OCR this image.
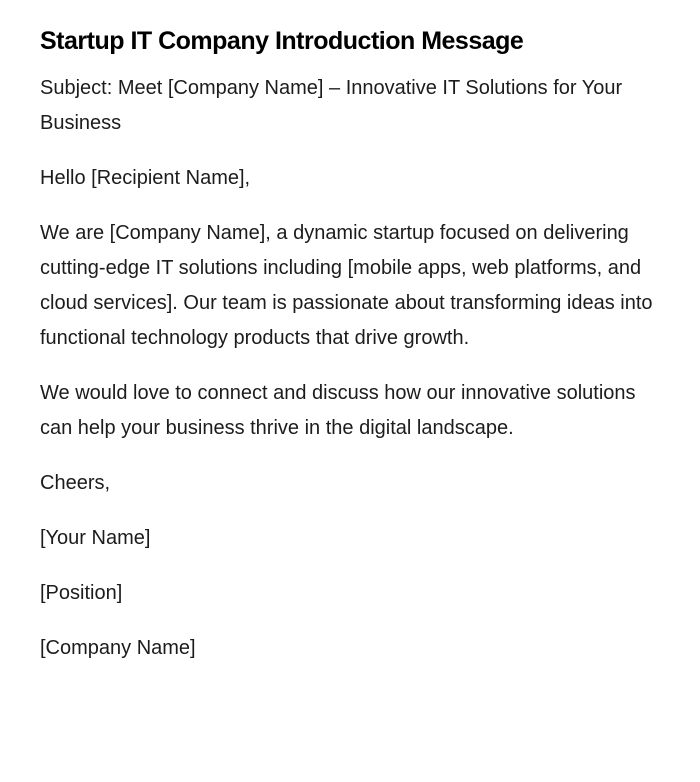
Startup IT Company Introduction Message

Subject: Meet [Company Name] – Innovative IT Solutions for Your Business

Hello [Recipient Name],

We are [Company Name], a dynamic startup focused on delivering cutting-edge IT solutions including [mobile apps, web platforms, and cloud services]. Our team is passionate about transforming ideas into functional technology products that drive growth.

We would love to connect and discuss how our innovative solutions can help your business thrive in the digital landscape.

Cheers,

[Your Name]

[Position]

[Company Name]
